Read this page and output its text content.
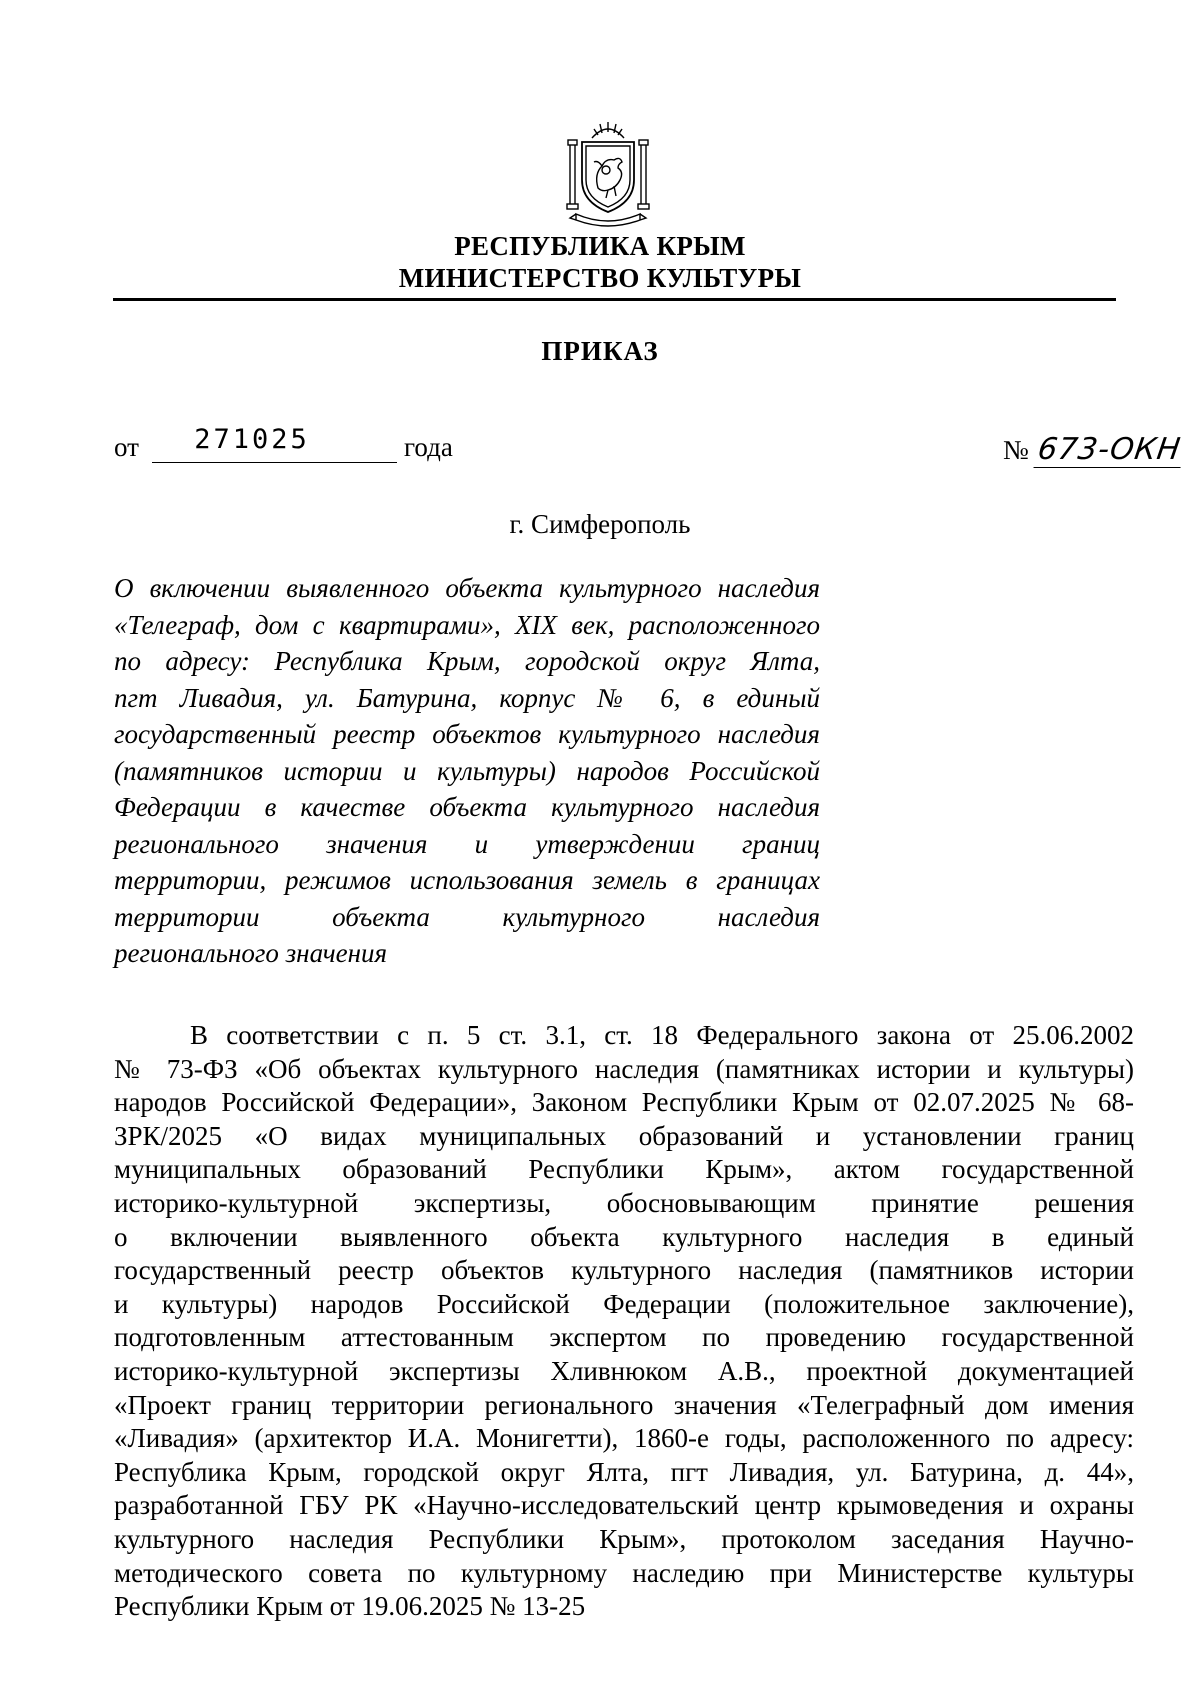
РЕСПУБЛИКА КРЫМ
МИНИСТЕРСТВО КУЛЬТУРЫ
ПРИКАЗ
от	271025	года	№ 673-ОКН
г. Симферополь
О включении выявленного объекта культурного наследия
«Телеграф, дом с квартирами», XIX век, расположенного
по адресу: Республика Крым, городской округ Ялта,
пгт Ливадия, ул. Батурина, корпус № 6, в единый
государственный реестр объектов культурного наследия
(памятников истории и культуры) народов Российской
Федерации в качестве объекта культурного наследия
регионального значения и утверждении границ
территории, режимов использования земель в границах
территории объекта культурного наследия
регионального значения
В соответствии с п. 5 ст. 3.1, ст. 18 Федерального закона от 25.06.2002
№ 73-ФЗ «Об объектах культурного наследия (памятниках истории и культуры)
народов Российской Федерации», Законом Республики Крым от 02.07.2025 № 68-
ЗРК/2025 «О видах муниципальных образований и установлении границ
муниципальных образований Республики Крым», актом государственной
историко-культурной экспертизы, обосновывающим принятие решения
о включении выявленного объекта культурного наследия в единый
государственный реестр объектов культурного наследия (памятников истории
и культуры) народов Российской Федерации (положительное заключение),
подготовленным аттестованным экспертом по проведению государственной
историко-культурной экспертизы Хливнюком А.В., проектной документацией
«Проект границ территории регионального значения «Телеграфный дом имения
«Ливадия» (архитектор И.А. Монигетти), 1860-е годы, расположенного по адресу:
Республика Крым, городской округ Ялта, пгт Ливадия, ул. Батурина, д. 44»,
разработанной ГБУ РК «Научно-исследовательский центр крымоведения и охраны
культурного наследия Республики Крым», протоколом заседания Научно-
методического совета по культурному наследию при Министерстве культуры
Республики Крым от 19.06.2025 № 13-25
